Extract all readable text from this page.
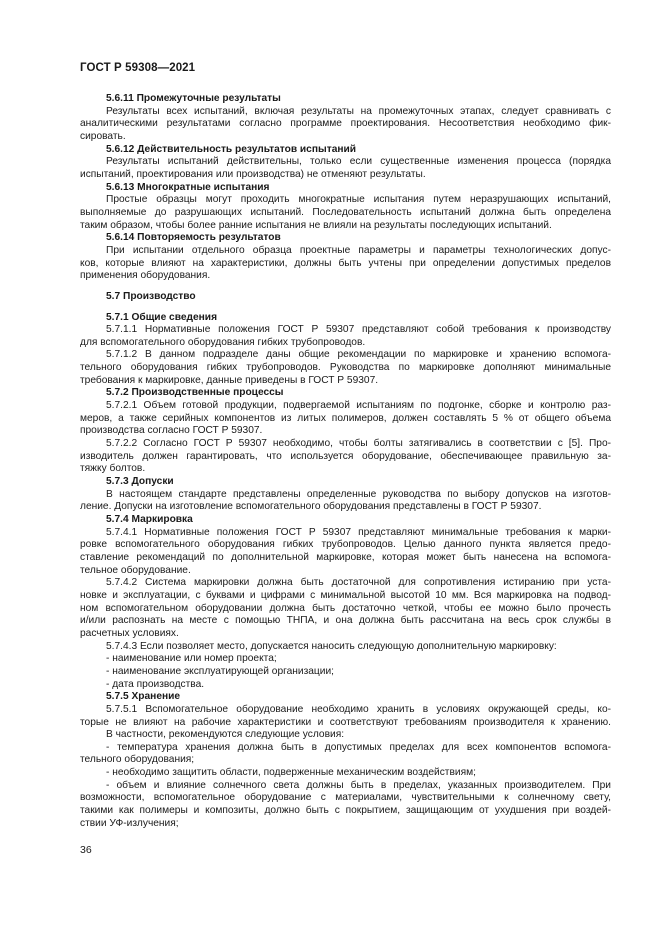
ГОСТ Р 59308—2021
5.6.11 Промежуточные результаты
Результаты всех испытаний, включая результаты на промежуточных этапах, следует сравнивать с
аналитическими результатами согласно программе проектирования. Несоответствия необходимо фик-
сировать.
5.6.12 Действительность результатов испытаний
Результаты испытаний действительны, только если существенные изменения процесса (порядка
испытаний, проектирования или производства) не отменяют результаты.
5.6.13 Многократные испытания
Простые образцы могут проходить многократные испытания путем неразрушающих испытаний,
выполняемые до разрушающих испытаний. Последовательность испытаний должна быть определена
таким образом, чтобы более ранние испытания не влияли на результаты последующих испытаний.
5.6.14 Повторяемость результатов
При испытании отдельного образца проектные параметры и параметры технологических допус-
ков, которые влияют на характеристики, должны быть учтены при определении допустимых пределов
применения оборудования.
5.7 Производство
5.7.1 Общие сведения
5.7.1.1 Нормативные положения ГОСТ Р 59307 представляют собой требования к производству
для вспомогательного оборудования гибких трубопроводов.
5.7.1.2 В данном подразделе даны общие рекомендации по маркировке и хранению вспомога-
тельного оборудования гибких трубопроводов. Руководства по маркировке дополняют минимальные
требования к маркировке, данные приведены в ГОСТ Р 59307.
5.7.2 Производственные процессы
5.7.2.1 Объем готовой продукции, подвергаемой испытаниям по подгонке, сборке и контролю раз-
меров, а также серийных компонентов из литых полимеров, должен составлять 5 % от общего объема
производства согласно ГОСТ Р 59307.
5.7.2.2 Согласно ГОСТ Р 59307 необходимо, чтобы болты затягивались в соответствии с [5]. Про-
изводитель должен гарантировать, что используется оборудование, обеспечивающее правильную за-
тяжку болтов.
5.7.3 Допуски
В настоящем стандарте представлены определенные руководства по выбору допусков на изготов-
ление. Допуски на изготовление вспомогательного оборудования представлены в ГОСТ Р 59307.
5.7.4 Маркировка
5.7.4.1 Нормативные положения ГОСТ Р 59307 представляют минимальные требования к марки-
ровке вспомогательного оборудования гибких трубопроводов. Целью данного пункта является предо-
ставление рекомендаций по дополнительной маркировке, которая может быть нанесена на вспомога-
тельное оборудование.
5.7.4.2 Система маркировки должна быть достаточной для сопротивления истиранию при уста-
новке и эксплуатации, с буквами и цифрами с минимальной высотой 10 мм. Вся маркировка на подвод-
ном вспомогательном оборудовании должна быть достаточно четкой, чтобы ее можно было прочесть
и/или распознать на месте с помощью ТНПА, и она должна быть рассчитана на весь срок службы в
расчетных условиях.
5.7.4.3 Если позволяет место, допускается наносить следующую дополнительную маркировку:
- наименование или номер проекта;
- наименование эксплуатирующей организации;
- дата производства.
5.7.5 Хранение
5.7.5.1 Вспомогательное оборудование необходимо хранить в условиях окружающей среды, ко-
торые не влияют на рабочие характеристики и соответствуют требованиям производителя к хранению.
В частности, рекомендуются следующие условия:
- температура хранения должна быть в допустимых пределах для всех компонентов вспомога-
тельного оборудования;
- необходимо защитить области, подверженные механическим воздействиям;
- объем и влияние солнечного света должны быть в пределах, указанных производителем. При
возможности, вспомогательное оборудование с материалами, чувствительными к солнечному свету,
такими как полимеры и композиты, должно быть с покрытием, защищающим от ухудшения при воздей-
ствии УФ-излучения;
36
